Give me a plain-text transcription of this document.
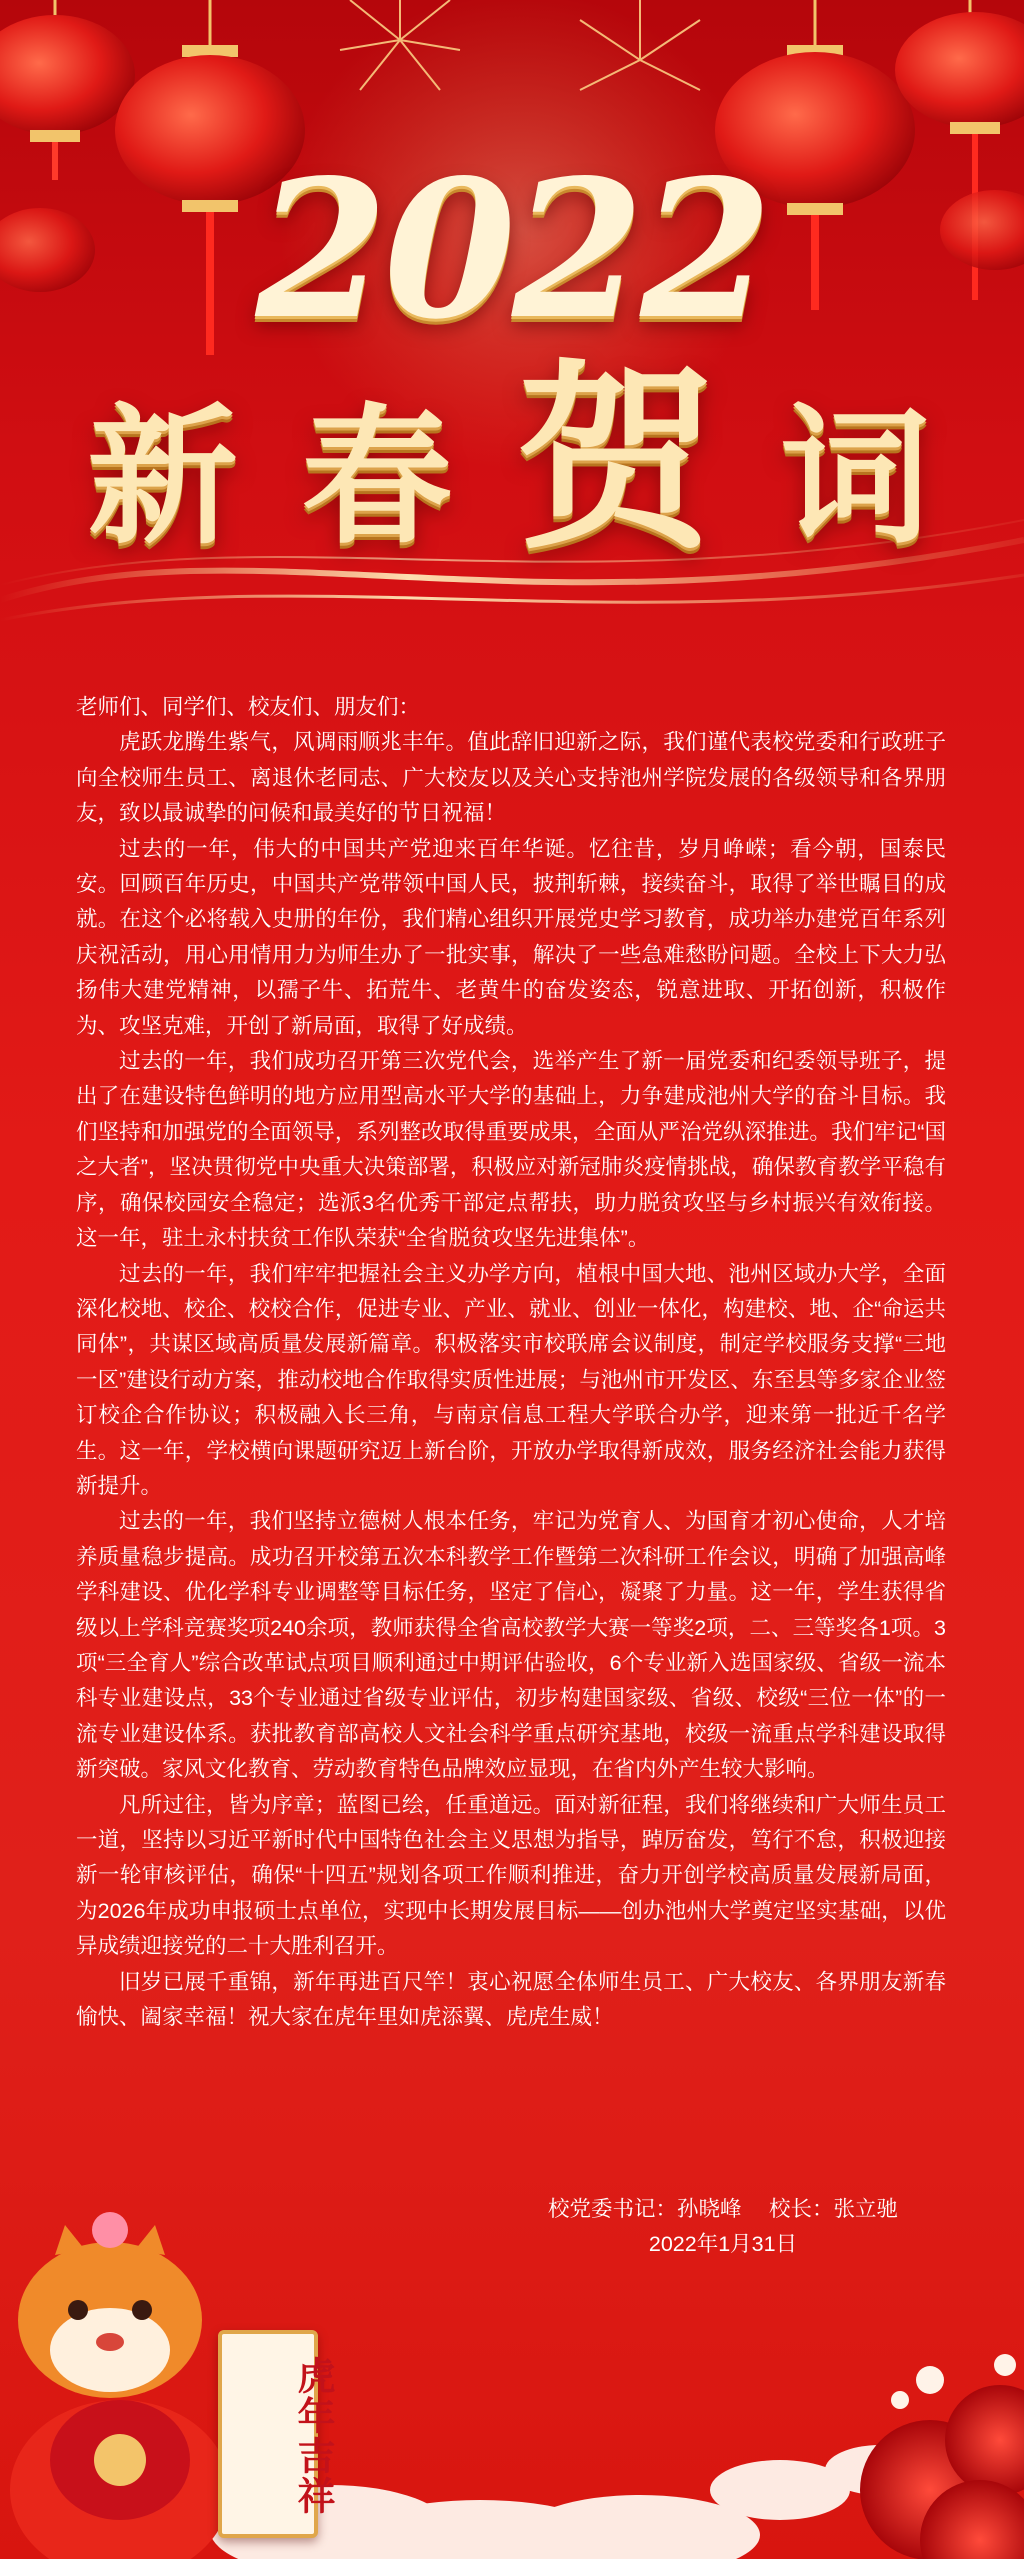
2022
新 春 贺 词

老师们、同学们、校友们、朋友们：

虎跃龙腾生紫气，风调雨顺兆丰年。值此辞旧迎新之际，我们谨代表校党委和行政班子向全校师生员工、离退休老同志、广大校友以及关心支持池州学院发展的各级领导和各界朋友，致以最诚挚的问候和最美好的节日祝福！

过去的一年，伟大的中国共产党迎来百年华诞。忆往昔，岁月峥嵘；看今朝，国泰民安。回顾百年历史，中国共产党带领中国人民，披荆斩棘，接续奋斗，取得了举世瞩目的成就。在这个必将载入史册的年份，我们精心组织开展党史学习教育，成功举办建党百年系列庆祝活动，用心用情用力为师生办了一批实事，解决了一些急难愁盼问题。全校上下大力弘扬伟大建党精神，以孺子牛、拓荒牛、老黄牛的奋发姿态，锐意进取、开拓创新，积极作为、攻坚克难，开创了新局面，取得了好成绩。

过去的一年，我们成功召开第三次党代会，选举产生了新一届党委和纪委领导班子，提出了在建设特色鲜明的地方应用型高水平大学的基础上，力争建成池州大学的奋斗目标。我们坚持和加强党的全面领导，系列整改取得重要成果，全面从严治党纵深推进。我们牢记“国之大者”，坚决贯彻党中央重大决策部署，积极应对新冠肺炎疫情挑战，确保教育教学平稳有序，确保校园安全稳定；选派3名优秀干部定点帮扶，助力脱贫攻坚与乡村振兴有效衔接。这一年，驻土永村扶贫工作队荣获“全省脱贫攻坚先进集体”。

过去的一年，我们牢牢把握社会主义办学方向，植根中国大地、池州区域办大学，全面深化校地、校企、校校合作，促进专业、产业、就业、创业一体化，构建校、地、企“命运共同体”，共谋区域高质量发展新篇章。积极落实市校联席会议制度，制定学校服务支撑“三地一区”建设行动方案，推动校地合作取得实质性进展；与池州市开发区、东至县等多家企业签订校企合作协议；积极融入长三角，与南京信息工程大学联合办学，迎来第一批近千名学生。这一年，学校横向课题研究迈上新台阶，开放办学取得新成效，服务经济社会能力获得新提升。

过去的一年，我们坚持立德树人根本任务，牢记为党育人、为国育才初心使命，人才培养质量稳步提高。成功召开校第五次本科教学工作暨第二次科研工作会议，明确了加强高峰学科建设、优化学科专业调整等目标任务，坚定了信心，凝聚了力量。这一年，学生获得省级以上学科竞赛奖项240余项，教师获得全省高校教学大赛一等奖2项，二、三等奖各1项。3项“三全育人”综合改革试点项目顺利通过中期评估验收，6个专业新入选国家级、省级一流本科专业建设点，33个专业通过省级专业评估，初步构建国家级、省级、校级“三位一体”的一流专业建设体系。获批教育部高校人文社会科学重点研究基地，校级一流重点学科建设取得新突破。家风文化教育、劳动教育特色品牌效应显现，在省内外产生较大影响。

凡所过往，皆为序章；蓝图已绘，任重道远。面对新征程，我们将继续和广大师生员工一道，坚持以习近平新时代中国特色社会主义思想为指导，踔厉奋发，笃行不怠，积极迎接新一轮审核评估，确保“十四五”规划各项工作顺利推进，奋力开创学校高质量发展新局面，为2026年成功申报硕士点单位，实现中长期发展目标——创办池州大学奠定坚实基础，以优异成绩迎接党的二十大胜利召开。

旧岁已展千重锦，新年再进百尺竿！衷心祝愿全体师生员工、广大校友、各界朋友新春愉快、阖家幸福！祝大家在虎年里如虎添翼、虎虎生威！

校党委书记：孙晓峰　 校长：张立驰
2022年1月31日
虎年吉祥
